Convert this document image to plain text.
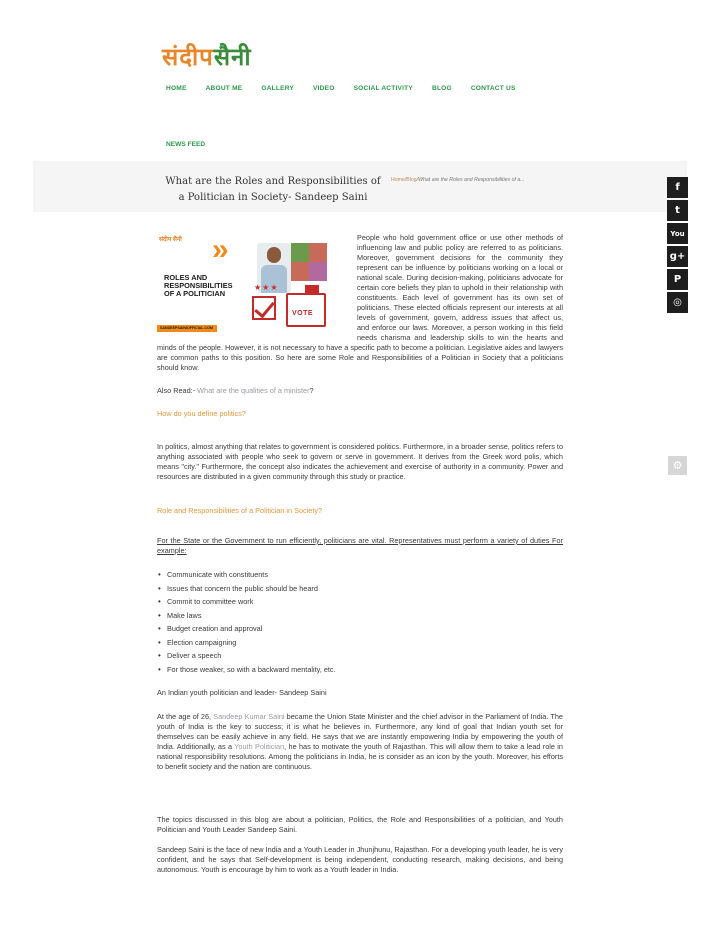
संदीपसैनी
HOME	ABOUT ME	GALLERY	VIDEO	SOCIAL ACTIVITY	BLOG	CONTACT US
NEWS FEED
What are the Roles and Responsibilities of a Politician in Society- Sandeep Saini
Home/Blog/What are the Roles and Responsibilities of a...
f
t
You
g+
P
◎
⚙
संदीप सैनी »
ROLES AND
RESPONSIBILITIES
OF A POLITICIAN
★★★
VOTE
SANDEEPSAINIOFFICIAL.COM

People who hold government office or use other methods of influencing law and public policy are referred to as politicians. Moreover, government decisions for the community they represent can be influence by politicians working on a local or national scale. During decision-making, politicians advocate for certain core beliefs they plan to uphold in their relationship with constituents. Each level of government has its own set of politicians. These elected officials represent our interests at all levels of government, govern, address issues that affect us, and enforce our laws. Moreover, a person working in this field needs charisma and leadership skills to win the hearts and minds of the people. However, it is not necessary to have a specific path to become a politician. Legislative aides and lawyers are common paths to this position. So here are some Role and Responsibilities of a Politician in Society that a politicians should know.

Also Read:- What are the qualities of a minister?

How do you define politics?

In politics, almost anything that relates to government is considered politics. Furthermore, in a broader sense, politics refers to anything associated with people who seek to govern or serve in government. It derives from the Greek word polis, which means "city." Furthermore, the concept also indicates the achievement and exercise of authority in a community. Power and resources are distributed in a given community through this study or practice.

Role and Responsibilities of a Politician in Society?

For the State or the Government to run efficiently, politicians are vital. Representatives must perform a variety of duties For example:

• Communicate with constituents
• Issues that concern the public should be heard
• Commit to committee work
• Make laws
• Budget creation and approval
• Election campaigning
• Deliver a speech
• For those weaker, so with a backward mentality, etc.

An Indian youth politician and leader- Sandeep Saini

At the age of 26, Sandeep Kumar Saini became the Union State Minister and the chief advisor in the Parliament of India. The youth of India is the key to success; it is what he believes in. Furthermore, any kind of goal that Indian youth set for themselves can be easily achieve in any field. He says that we are instantly empowering India by empowering the youth of India. Additionally, as a Youth Politician, he has to motivate the youth of Rajasthan. This will allow them to take a lead role in national responsibility resolutions. Among the politicians in India, he is consider as an icon by the youth. Moreover, his efforts to benefit society and the nation are continuous.

The topics discussed in this blog are about a politician, Politics, the Role and Responsibilities of a politician, and Youth Politician and Youth Leader Sandeep Saini.

Sandeep Saini is the face of new India and a Youth Leader in Jhunjhunu, Rajasthan. For a developing youth leader, he is very confident, and he says that Self-development is being independent, conducting research, making decisions, and being autonomous. Youth is encourage by him to work as a Youth leader in India.
